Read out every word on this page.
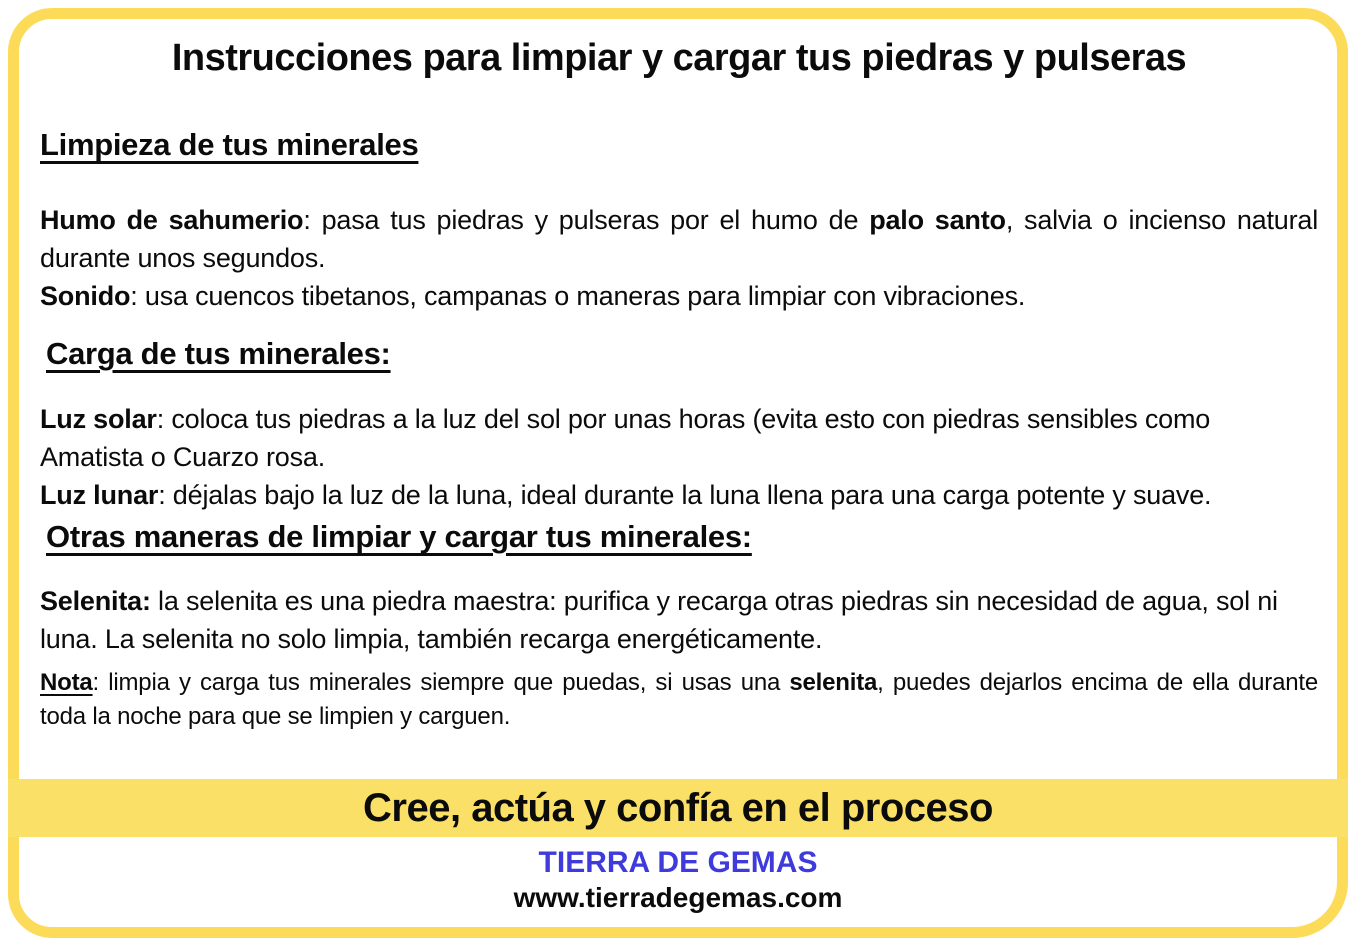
Instrucciones para limpiar y cargar tus piedras y pulseras
Limpieza de tus minerales

Humo de sahumerio: pasa tus piedras y pulseras por el humo de palo santo, salvia o incienso natural durante unos segundos.

Sonido: usa cuencos tibetanos, campanas o maneras para limpiar con vibraciones.

Carga de tus minerales:

Luz solar: coloca tus piedras a la luz del sol por unas horas (evita esto con piedras sensibles como Amatista o Cuarzo rosa.

Luz lunar: déjalas bajo la luz de la luna, ideal durante la luna llena para una carga potente y suave.

Otras maneras de limpiar y cargar tus minerales:

Selenita: la selenita es una piedra maestra: purifica y recarga otras piedras sin necesidad de agua, sol ni luna. La selenita no solo limpia, también recarga energéticamente.

Nota: limpia y carga tus minerales siempre que puedas, si usas una selenita, puedes dejarlos encima de ella durante toda la noche para que se limpien y carguen.

Cree, actúa y confía en el proceso
TIERRA DE GEMAS
www.tierradegemas.com
